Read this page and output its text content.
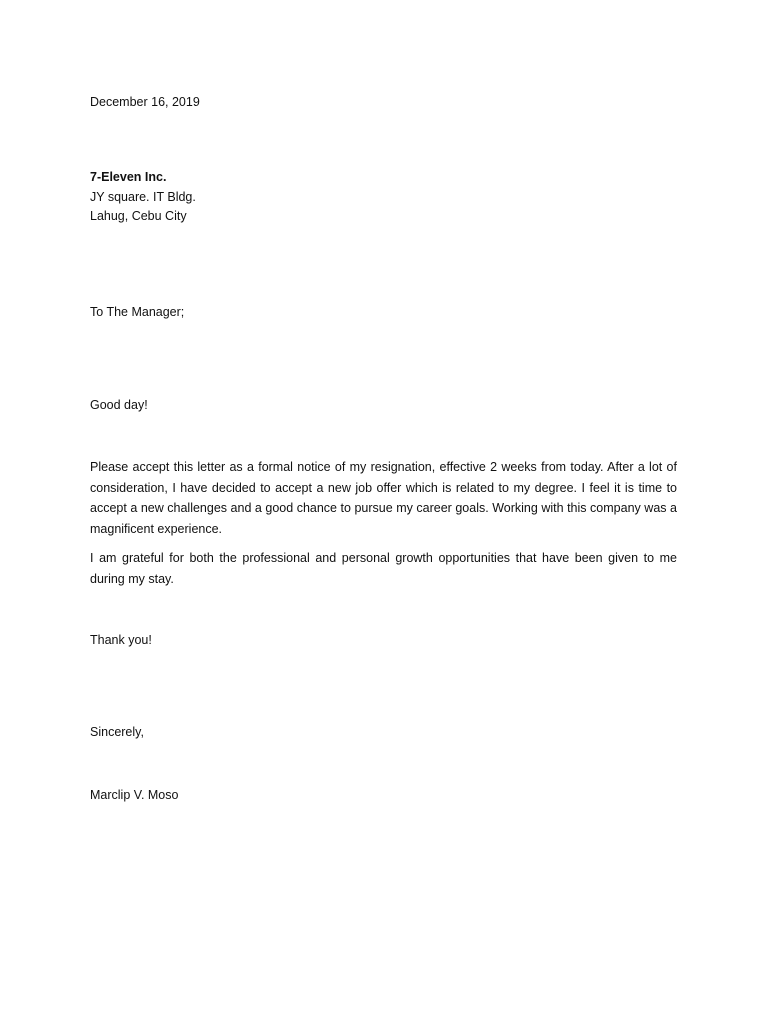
December 16, 2019
7-Eleven Inc.
JY square. IT Bldg.
Lahug, Cebu City
To The Manager;
Good day!
Please accept this letter as a formal notice of my resignation, effective 2 weeks from today. After a lot of consideration, I have decided to accept a new job offer which is related to my degree. I feel it is time to accept a new challenges and a good chance to pursue my career goals. Working with this company was a magnificent experience.
I am grateful for both the professional and personal growth opportunities that have been given to me during my stay.
Thank you!
Sincerely,
Marclip V. Moso
